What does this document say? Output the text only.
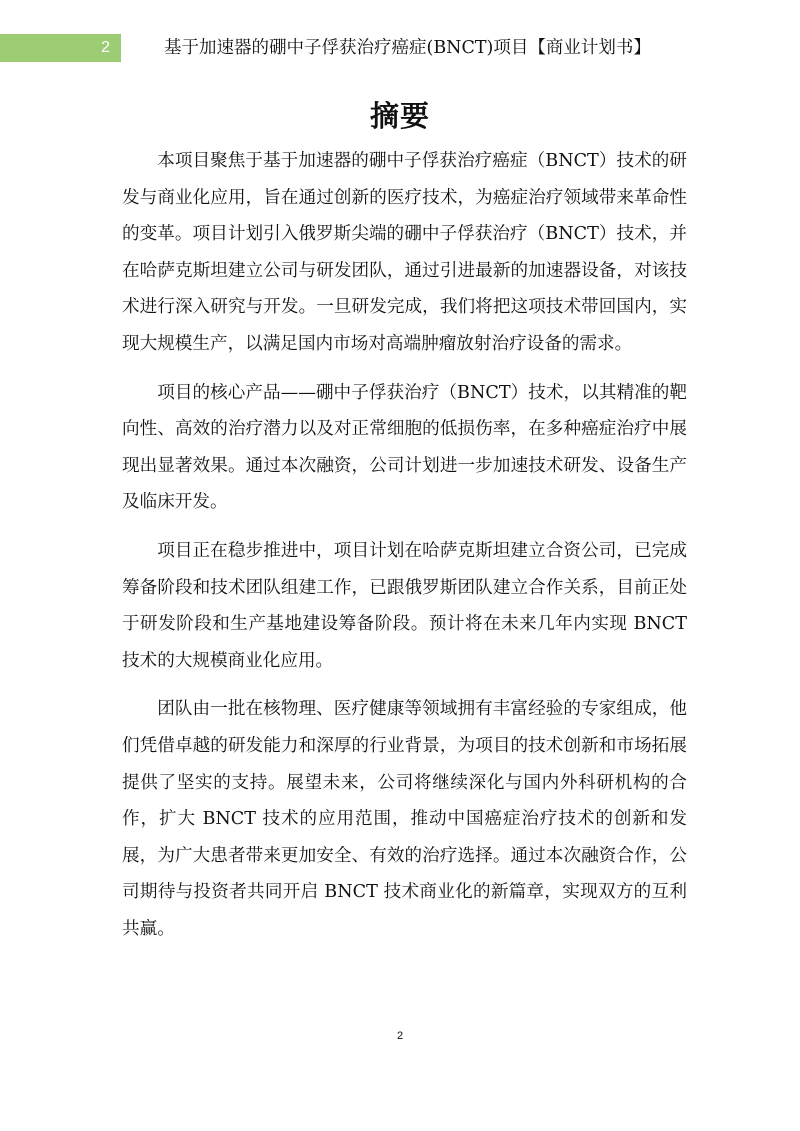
2	基于加速器的硼中子俘获治疗癌症(BNCT)项目【商业计划书】
摘要

本项目聚焦于基于加速器的硼中子俘获治疗癌症（BNCT）技术的研发与商业化应用，旨在通过创新的医疗技术，为癌症治疗领域带来革命性的变革。项目计划引入俄罗斯尖端的硼中子俘获治疗（BNCT）技术，并在哈萨克斯坦建立公司与研发团队，通过引进最新的加速器设备，对该技术进行深入研究与开发。一旦研发完成，我们将把这项技术带回国内，实现大规模生产，以满足国内市场对高端肿瘤放射治疗设备的需求。

项目的核心产品——硼中子俘获治疗（BNCT）技术，以其精准的靶向性、高效的治疗潜力以及对正常细胞的低损伤率，在多种癌症治疗中展现出显著效果。通过本次融资，公司计划进一步加速技术研发、设备生产及临床开发。

项目正在稳步推进中，项目计划在哈萨克斯坦建立合资公司，已完成筹备阶段和技术团队组建工作，已跟俄罗斯团队建立合作关系，目前正处于研发阶段和生产基地建设筹备阶段。预计将在未来几年内实现 BNCT 技术的大规模商业化应用。

团队由一批在核物理、医疗健康等领域拥有丰富经验的专家组成，他们凭借卓越的研发能力和深厚的行业背景，为项目的技术创新和市场拓展提供了坚实的支持。展望未来，公司将继续深化与国内外科研机构的合作，扩大 BNCT 技术的应用范围，推动中国癌症治疗技术的创新和发展，为广大患者带来更加安全、有效的治疗选择。通过本次融资合作，公司期待与投资者共同开启 BNCT 技术商业化的新篇章，实现双方的互利共赢。

2
